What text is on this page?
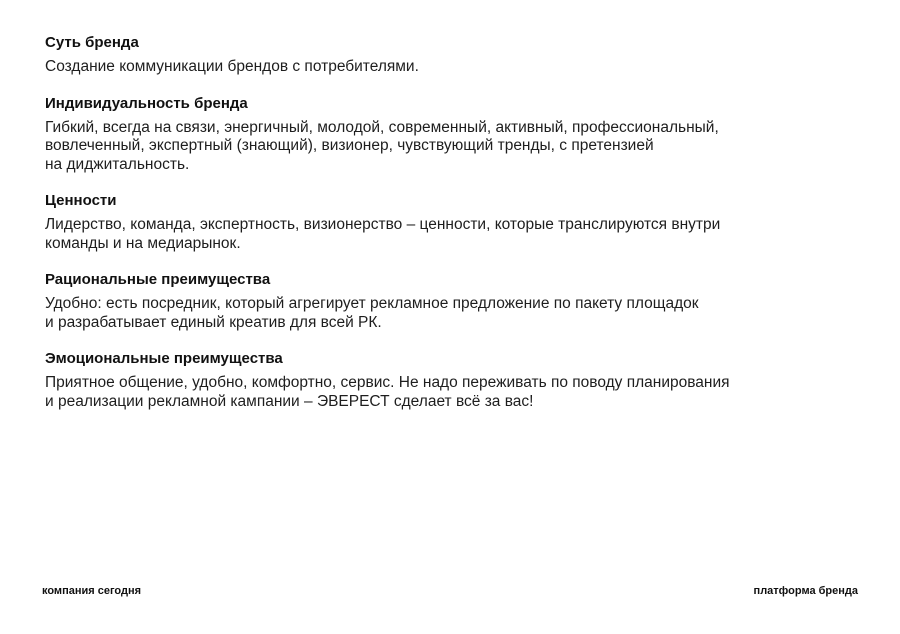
Суть бренда
Создание коммуникации брендов с потребителями.
Индивидуальность бренда
Гибкий, всегда на связи, энергичный, молодой, современный, активный, профессиональный,
вовлеченный, экспертный (знающий), визионер, чувствующий тренды, с претензией
на диджитальность.
Ценности
Лидерство, команда, экспертность, визионерство – ценности, которые транслируются внутри
команды и на медиарынок.
Рациональные преимущества
Удобно: есть посредник, который агрегирует рекламное предложение по пакету площадок
и разрабатывает единый креатив для всей РК.
Эмоциональные преимущества
Приятное общение, удобно, комфортно, сервис. Не надо переживать по поводу планирования
и реализации рекламной кампании – ЭВЕРЕСТ сделает всё за вас!
компания сегодня	платформа бренда
